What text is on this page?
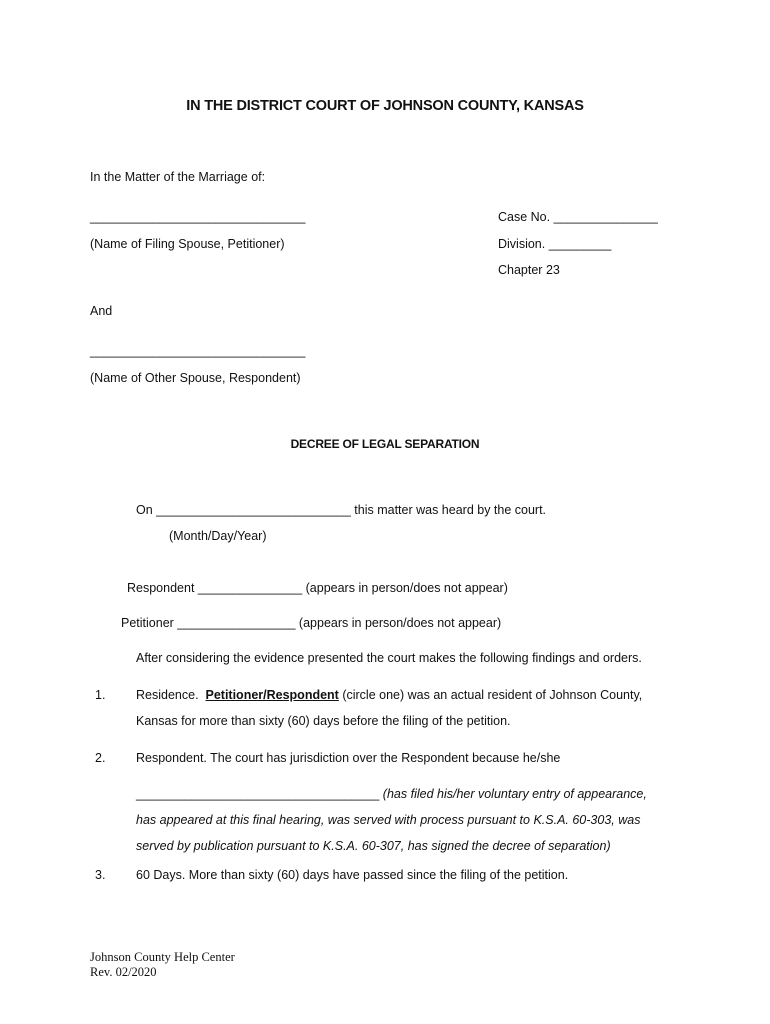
IN THE DISTRICT COURT OF JOHNSON COUNTY, KANSAS
In the Matter of the Marriage of:
_______________________________
(Name of Filing Spouse, Petitioner)
And
_______________________________
(Name of Other Spouse, Respondent)
Case No. _______________
Division. _________
Chapter 23
DECREE OF LEGAL SEPARATION
On ____________________________ this matter was heard by the court.
(Month/Day/Year)
Respondent _______________ (appears in person/does not appear)
Petitioner _________________ (appears in person/does not appear)
After considering the evidence presented the court makes the following findings and orders.
1. Residence. Petitioner/Respondent (circle one) was an actual resident of Johnson County,
Kansas for more than sixty (60) days before the filing of the petition.
2. Respondent. The court has jurisdiction over the Respondent because he/she
___________________________________ (has filed his/her voluntary entry of appearance,
has appeared at this final hearing, was served with process pursuant to K.S.A. 60-303, was
served by publication pursuant to K.S.A. 60-307, has signed the decree of separation)
3. 60 Days. More than sixty (60) days have passed since the filing of the petition.
Johnson County Help Center
Rev. 02/2020
